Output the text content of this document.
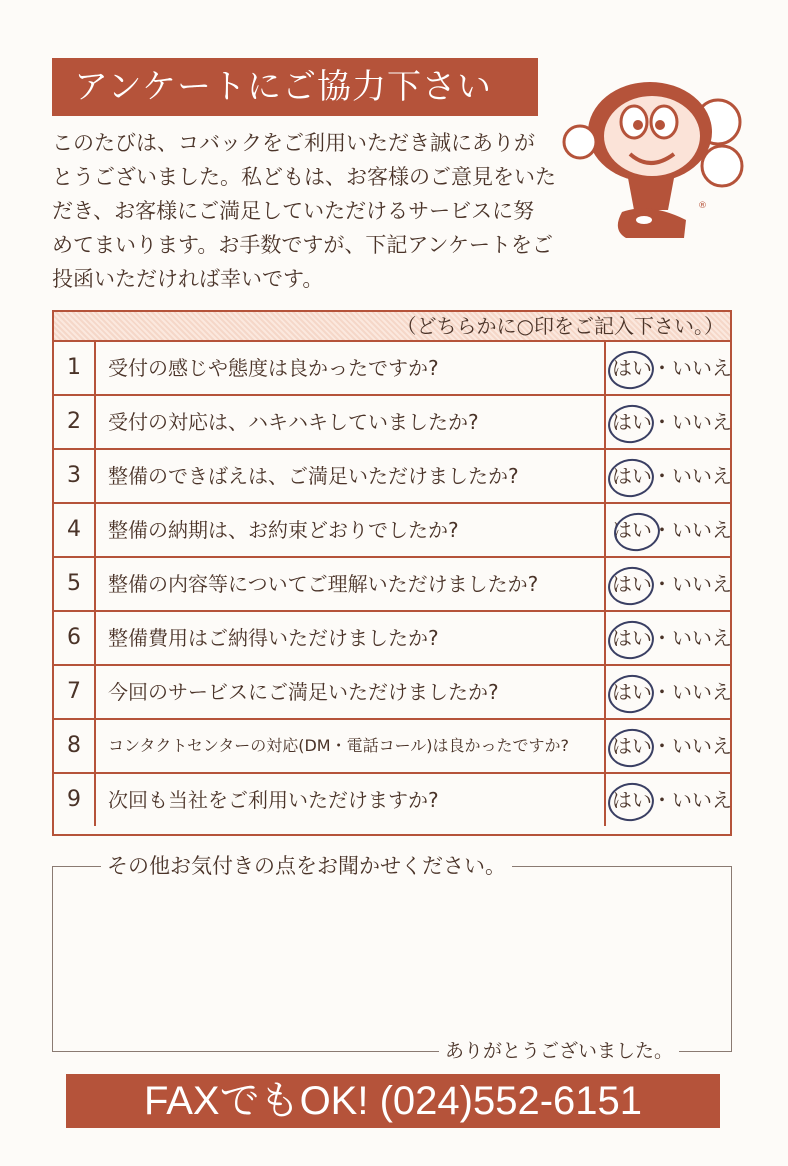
アンケートにご協力下さい
このたびは、コバックをご利用いただき誠にありが
とうございました。私どもは、お客様のご意見をいた
だき、お客様にご満足していただけるサービスに努
めてまいります。お手数ですが、下記アンケートをご
投函いただければ幸いです。
®
（どちらかに○印をご記入下さい。）
1	受付の感じや態度は良かったですか?	はい・いいえ
2	受付の対応は、ハキハキしていましたか?	はい・いいえ
3	整備のできばえは、ご満足いただけましたか?	はい・いいえ
4	整備の納期は、お約束どおりでしたか?	はい・いいえ
5	整備の内容等についてご理解いただけましたか?	はい・いいえ
6	整備費用はご納得いただけましたか?	はい・いいえ
7	今回のサービスにご満足いただけましたか?	はい・いいえ
8	コンタクトセンターの対応(DM・電話コール)は良かったですか?	はい・いいえ
9	次回も当社をご利用いただけますか?	はい・いいえ
その他お気付きの点をお聞かせください。
ありがとうございました。
FAXでもOK! (024)552-6151
